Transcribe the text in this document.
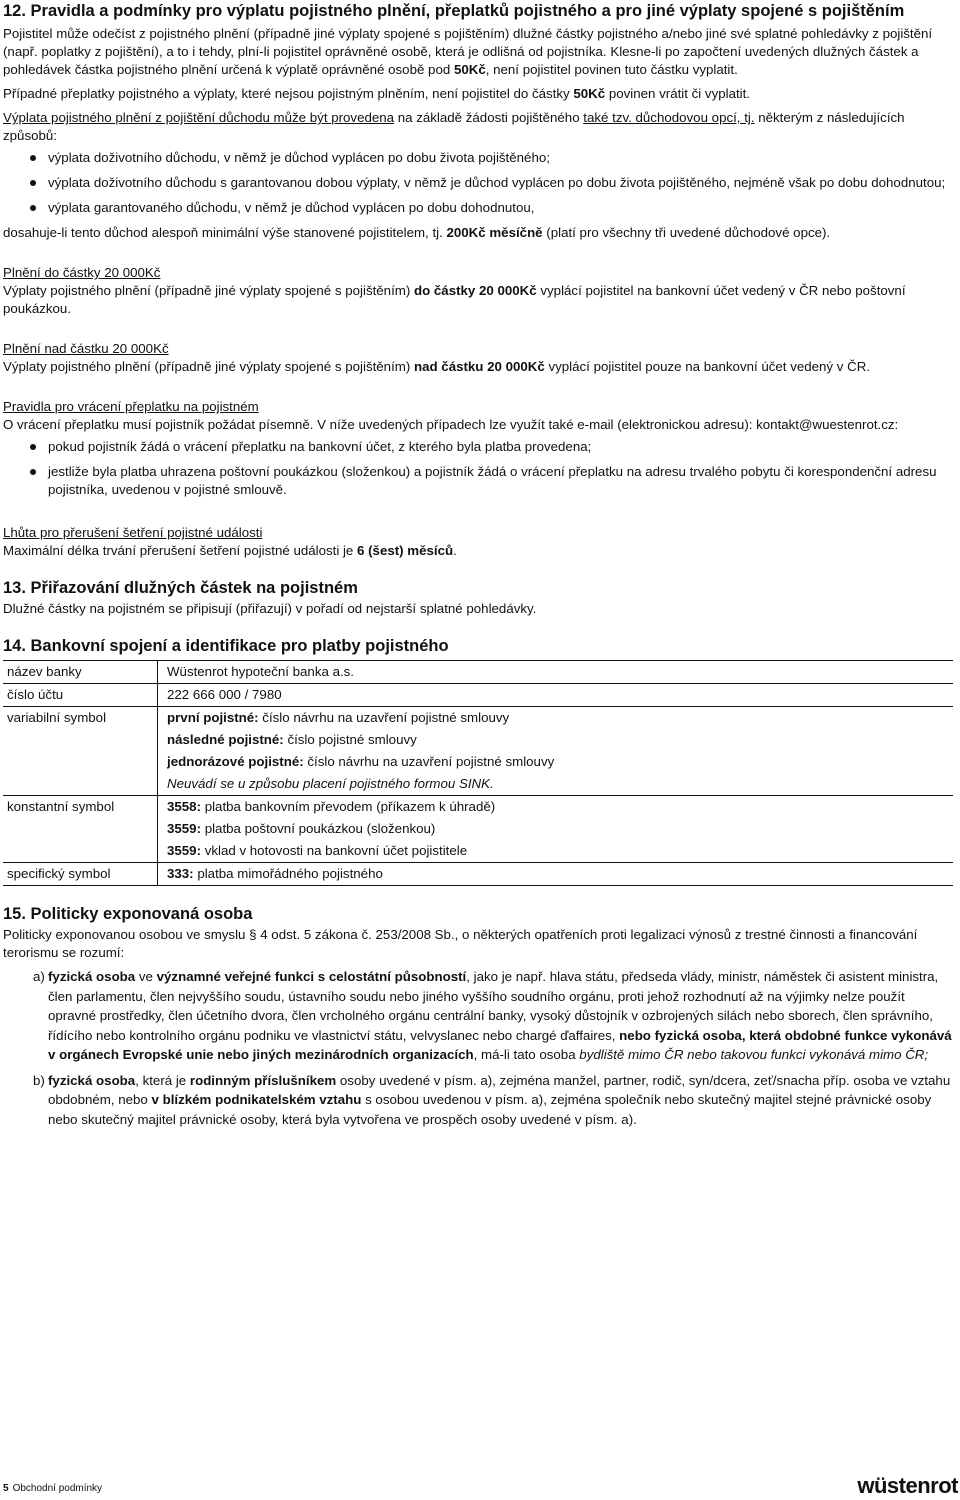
12. Pravidla a podmínky pro výplatu pojistného plnění, přeplatků pojistného a pro jiné výplaty spojené s pojištěním

Pojistitel může odečíst z pojistného plnění (případně jiné výplaty spojené s pojištěním) dlužné částky pojistného a/nebo jiné své splatné pohledávky z pojištění (např. poplatky z pojištění), a to i tehdy, plní-li pojistitel oprávněné osobě, která je odlišná od pojistníka. Klesne-li po započtení uvedených dlužných částek a pohledávek částka pojistného plnění určená k výplatě oprávněné osobě pod 50Kč, není pojistitel povinen tuto částku vyplatit.

Případné přeplatky pojistného a výplaty, které nejsou pojistným plněním, není pojistitel do částky 50Kč povinen vrátit či vyplatit.

Výplata pojistného plnění z pojištění důchodu může být provedena na základě žádosti pojištěného také tzv. důchodovou opcí, tj. některým z následujících způsobů:

výplata doživotního důchodu, v němž je důchod vyplácen po dobu života pojištěného;
výplata doživotního důchodu s garantovanou dobou výplaty, v němž je důchod vyplácen po dobu života pojištěného, nejméně však po dobu dohodnutou;
výplata garantovaného důchodu, v němž je důchod vyplácen po dobu dohodnutou,

dosahuje-li tento důchod alespoň minimální výše stanovené pojistitelem, tj. 200Kč měsíčně (platí pro všechny tři uvedené důchodové opce).

Plnění do částky 20 000Kč

Výplaty pojistného plnění (případně jiné výplaty spojené s pojištěním) do částky 20 000Kč vyplácí pojistitel na bankovní účet vedený v ČR nebo poštovní poukázkou.

Plnění nad částku 20 000Kč

Výplaty pojistného plnění (případně jiné výplaty spojené s pojištěním) nad částku 20 000Kč vyplácí pojistitel pouze na bankovní účet vedený v ČR.

Pravidla pro vrácení přeplatku na pojistném

O vrácení přeplatku musí pojistník požádat písemně. V níže uvedených případech lze využít také e-mail (elektronickou adresu): kontakt@wuestenrot.cz:

pokud pojistník žádá o vrácení přeplatku na bankovní účet, z kterého byla platba provedena;
jestliže byla platba uhrazena poštovní poukázkou (složenkou) a pojistník žádá o vrácení přeplatku na adresu trvalého pobytu či korespondenční adresu pojistníka, uvedenou v pojistné smlouvě.

Lhůta pro přerušení šetření pojistné události

Maximální délka trvání přerušení šetření pojistné události je 6 (šest) měsíců.

13. Přiřazování dlužných částek na pojistném

Dlužné částky na pojistném se připisují (přiřazují) v pořadí od nejstarší splatné pohledávky.

14. Bankovní spojení a identifikace pro platby pojistného
název banky	Wüstenrot hypoteční banka a.s.
číslo účtu	222 666 000 / 7980
variabilní symbol	první pojistné: číslo návrhu na uzavření pojistné smlouvy
	následné pojistné: číslo pojistné smlouvy
	jednorázové pojistné: číslo návrhu na uzavření pojistné smlouvy
	Neuvádí se u způsobu placení pojistného formou SINK.
konstantní symbol	3558: platba bankovním převodem (příkazem k úhradě)
	3559: platba poštovní poukázkou (složenkou)
	3559: vklad v hotovosti na bankovní účet pojistitele
specifický symbol	333: platba mimořádného pojistného
15. Politicky exponovaná osoba

Politicky exponovanou osobou ve smyslu § 4 odst. 5 zákona č. 253/2008 Sb., o některých opatřeních proti legalizaci výnosů z trestné činnosti a financování terorismu se rozumí:

a) fyzická osoba ve významné veřejné funkci s celostátní působností, jako je např. hlava státu, předseda vlády, ministr, náměstek či asistent ministra, člen parlamentu, člen nejvyššího soudu, ústavního soudu nebo jiného vyššího soudního orgánu, proti jehož rozhodnutí až na výjimky nelze použít opravné prostředky, člen účetního dvora, člen vrcholného orgánu centrální banky, vysoký důstojník v ozbrojených silách nebo sborech, člen správního, řídícího nebo kontrolního orgánu podniku ve vlastnictví státu, velvyslanec nebo chargé ďaffaires, nebo fyzická osoba, která obdobné funkce vykonává v orgánech Evropské unie nebo jiných mezinárodních organizacích, má-li tato osoba bydliště mimo ČR nebo takovou funkci vykonává mimo ČR;
b) fyzická osoba, která je rodinným příslušníkem osoby uvedené v písm. a), zejména manžel, partner, rodič, syn/dcera, zeť/snacha příp. osoba ve vztahu obdobném, nebo v blízkém podnikatelském vztahu s osobou uvedenou v písm. a), zejména společník nebo skutečný majitel stejné právnické osoby nebo skutečný majitel právnické osoby, která byla vytvořena ve prospěch osoby uvedené v písm. a).
5 Obchodní podmínky	wüstenrot
